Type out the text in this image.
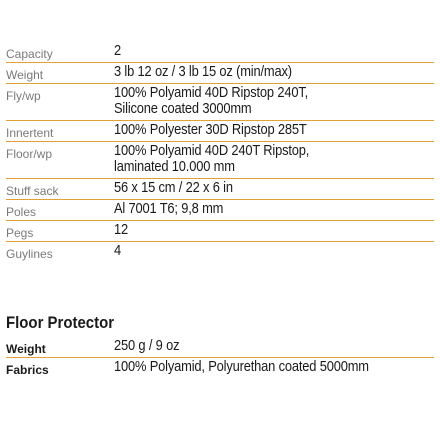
Capacity	2
Weight	3 lb 12 oz / 3 lb 15 oz (min/max)
Fly/wp	100% Polyamid 40D Ripstop 240T,
Silicone coated 3000mm
Innertent	100% Polyester 30D Ripstop 285T
Floor/wp	100% Polyamid 40D 240T Ripstop,
laminated 10.000 mm
Stuff sack	56 x 15 cm / 22 x 6 in
Poles	Al 7001 T6; 9,8 mm
Pegs	12
Guylines	4
Floor Protector
Weight	250 g / 9 oz
Fabrics	100% Polyamid, Polyurethan coated 5000mm
